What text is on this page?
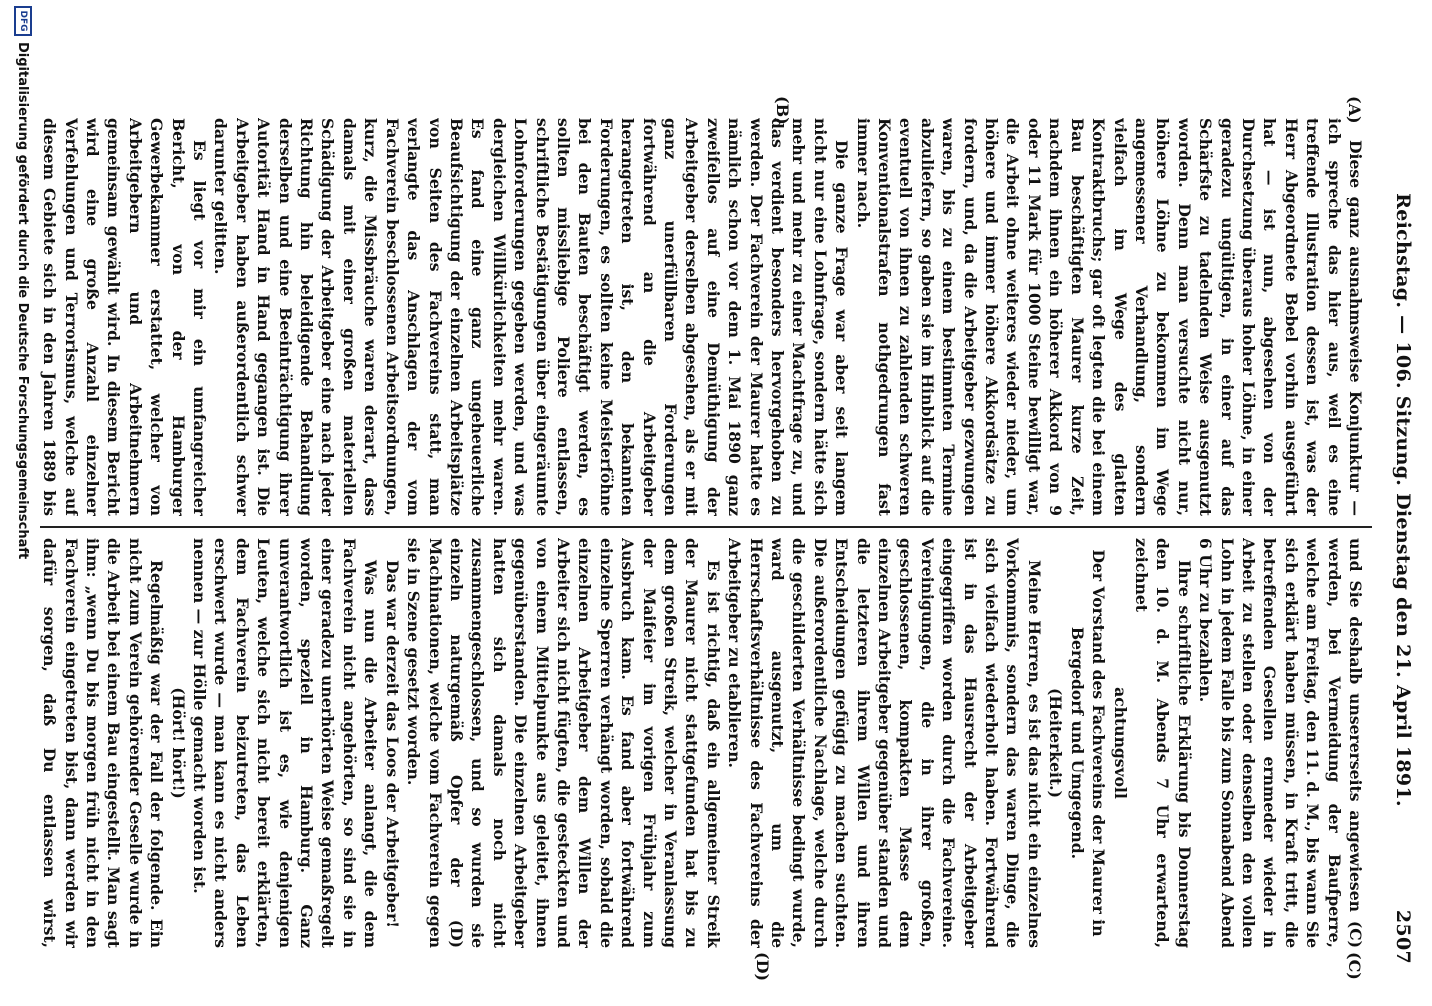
Reichstag. — 106. Sitzung. Dienstag den 21. April 1891.
2507
(A)
(B)
(C)
(D)

Diese ganz ausnahmsweise Konjunktur — ich spreche das hier aus, weil es eine treffende Illustration dessen ist, was der Herr Abgeordnete Bebel vorhin ausgeführt hat — ist nun, abgesehen von der Durchsetzung überaus hoher Löhne, in einer geradezu ungültigen, in einer auf das Schärfste zu tadelnden Weise ausgenutzt worden. Denn man versuchte nicht nur, höhere Löhne zu bekommen im Wege angemessener Verhandlung, sondern vielfach im Wege des glatten Kontraktbruchs; gar oft legten die bei einem Bau beschäftigten Maurer kurze Zeit, nachdem ihnen ein höherer Akkord von 9 oder 11 Mark für 1000 Steine bewilligt war, die Arbeit ohne weiteres wieder nieder, um höhere und immer höhere Akkordsätze zu fordern, und, da die Arbeitgeber gezwungen waren, bis zu einem bestimmten Termine abzuliefern, so gaben sie im Hinblick auf die eventuell von ihnen zu zahlenden schweren Konventionalstrafen nothgedrungen fast immer nach.

Die ganze Frage war aber seit langem nicht nur eine Lohnfrage, sondern hätte sich mehr und mehr zu einer Machtfrage zu, und das verdient besonders hervorgehoben zu werden. Der Fachverein der Maurer hatte es nämlich schon vor dem 1. Mai 1890 ganz zweifellos auf eine Demüthigung der Arbeitgeber derselben abgesehen, als er mit ganz unerfüllbaren Forderungen fortwährend an die Arbeitgeber herangetreten ist, den bekannten Forderungen, es sollten keine Meisterföhne bei den Bauten beschäftigt werden, es sollten missliebige Poliere entlassen, schriftliche Bestätigungen über eingeräumte Lohnforderungen gegeben werden, und was dergleichen Willkürlichkeiten mehr waren. Es fand eine ganz ungeheuerliche Beaufsichtigung der einzelnen Arbeitsplätze von Seiten des Fachvereins statt, man verlangte das Anschlagen der vom Fachverein beschlossenen Arbeitsordnungen, kurz, die Missbräuche waren derart, dass damals mit einer großen materiellen Schädigung der Arbeitgeber eine nach jeder Richtung hin beleidigende Behandlung derselben und eine Beeinträchtigung ihrer Autorität Hand in Hand gegangen ist. Die Arbeitgeber haben außerordentlich schwer darunter gelitten.

Es liegt vor mir ein umfangreicher Bericht, von der Hamburger Gewerbekammer erstattet, welcher von Arbeitgebern und Arbeitnehmern gemeinsam gewählt wird. In diesem Bericht wird eine große Anzahl einzelner Verfehlungen und Terrorismus, welche auf diesem Gebiete sich in den Jahren 1889 bis

und Sie deshalb unsererseits angewiesen (C) werden, bei Vermeidung der Baufperre, welche am Freitag, den 11. d. M., bis wann Sie sich erklärt haben müssen, in Kraft tritt, die betreffenden Gesellen ernmeder wieder in Arbeit zu stellen oder denselben den vollen Lohn in jedem Falle bis zum Sonnabend Abend 6 Uhr zu bezahlen.

Ihre schriftliche Erklärung bis Donnerstag den 10. d. M. Abends 7 Uhr erwartend, zeichnet

achtungsvoll

Der Vorstand des Fachvereins der Maurer in Bergedorf und Umgegend.

(Heiterkeit.)

Meine Herren, es ist das nicht ein einzelnes Vorkommnis, sondern das waren Dinge, die sich vielfach wiederholt haben. Fortwährend ist in das Hausrecht der Arbeitgeber eingegriffen worden durch die Fachvereine. Vereinigungen, die in ihrer großen, geschlossenen, kompakten Masse dem einzelnen Arbeitgeber gegenüber standen und die letzteren ihrem Willen und ihren Entscheidungen gefügig zu machen suchten. Die außerordentliche Nachlage, welche durch die geschilderten Verhältnisse bedingt wurde, ward ausgenutzt, um die Herrschaftsverhältnisse des Fachvereins der Arbeitgeber zu etablieren.

Es ist richtig, daß ein allgemeiner Streik der Maurer nicht stattgefunden hat bis zu dem großen Streik, welcher in Veranlassung der Maifeier im vorigen Frühjahr zum Ausbruch kam. Es fand aber fortwährend einzelne Sperren verhängt worden, sobald die einzelnen Arbeitgeber dem Willen der Arbeiter sich nicht fügten, die gesteckten und von einem Mittelpunkte aus geleitet, ihnen gegenüberstanden. Die einzelnen Arbeitgeber hatten sich damals noch nicht zusammengeschlossen, und so wurden sie einzeln naturgemäß Opfer der (D) Machinationen, welche vom Fachverein gegen sie in Szene gesetzt worden.

Das war derzeit das Loos der Arbeitgeber!

Was nun die Arbeiter anlangt, die dem Fachverein nicht angehörten, so sind sie in einer geradezu unerhörten Weise gemaßregelt worden, speziell in Hamburg. Ganz unverantwortlich ist es, wie denjenigen Leuten, welche sich nicht bereit erklärten, dem Fachverein beizutreten, das Leben erschwert wurde — man kann es nicht anders nennen — zur Hölle gemacht worden ist.

(Hört! hört!)

Regelmäßig war der Fall der folgende. Ein nicht zum Verein gehörender Geselle wurde in die Arbeit bei einem Bau eingestellt. Man sagt ihm: „wenn Du bis morgen früh nicht in den Fachverein eingetreten bist, dann werden wir dafür sorgen, daß Du entlassen wirst,

DFG
Digitalisierung gefördert durch die Deutsche Forschungsgemeinschaft
